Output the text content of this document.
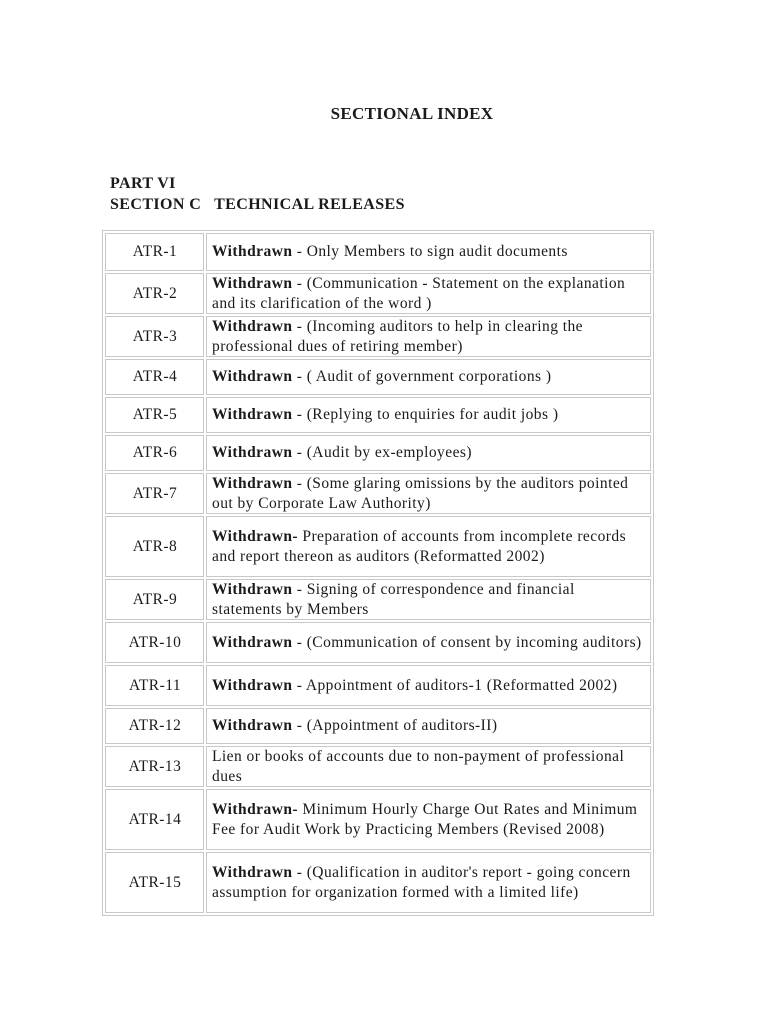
SECTIONAL INDEX
PART VI
SECTION C TECHNICAL RELEASES
ATR-1	Withdrawn - Only Members to sign audit documents
ATR-2	Withdrawn - (Communication - Statement on the explanation and its clarification of the word )
ATR-3	Withdrawn - (Incoming auditors to help in clearing the professional dues of retiring member)
ATR-4	Withdrawn - ( Audit of government corporations )
ATR-5	Withdrawn - (Replying to enquiries for audit jobs )
ATR-6	Withdrawn - (Audit by ex-employees)
ATR-7	Withdrawn - (Some glaring omissions by the auditors pointed out by Corporate Law Authority)
ATR-8	Withdrawn- Preparation of accounts from incomplete records and report thereon as auditors (Reformatted 2002)
ATR-9	Withdrawn - Signing of correspondence and financial statements by Members
ATR-10	Withdrawn - (Communication of consent by incoming auditors)
ATR-11	Withdrawn - Appointment of auditors-1 (Reformatted 2002)
ATR-12	Withdrawn - (Appointment of auditors-II)
ATR-13	Lien or books of accounts due to non-payment of professional dues
ATR-14	Withdrawn- Minimum Hourly Charge Out Rates and Minimum Fee for Audit Work by Practicing Members (Revised 2008)
ATR-15	Withdrawn - (Qualification in auditor's report - going concern assumption for organization formed with a limited life)
